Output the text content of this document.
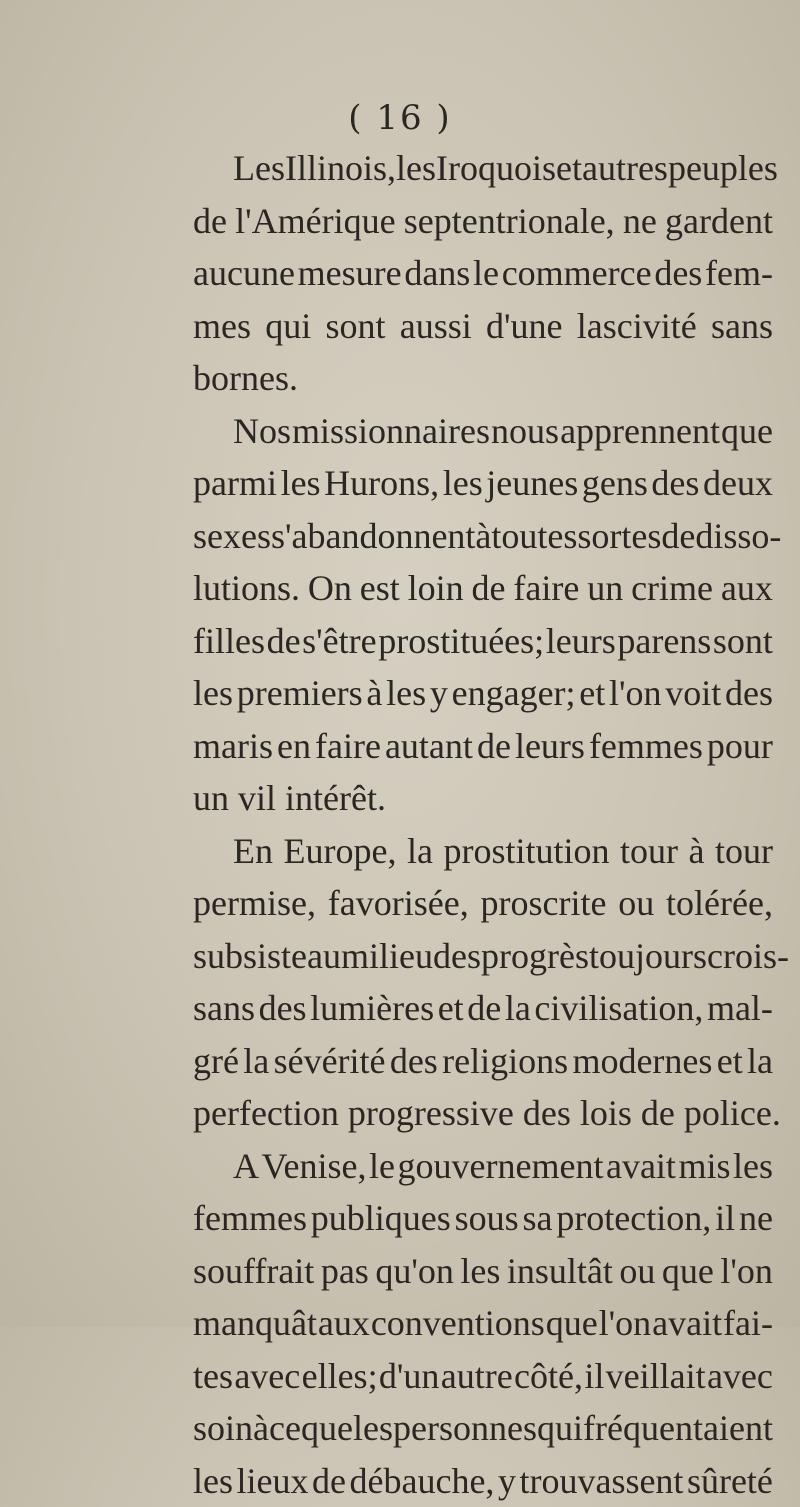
( 16 )
Les Illinois, les Iroquois et autres peuples
de l'Amérique septentrionale, ne gardent
aucune mesure dans le commerce des fem-
mes qui sont aussi d'une lascivité sans
bornes.
Nos missionnaires nous apprennent que
parmi les Hurons, les jeunes gens des deux
sexes s'abandonnent à toutes sortes de disso-
lutions. On est loin de faire un crime aux
filles de s'être prostituées; leurs parens sont
les premiers à les y engager; et l'on voit des
maris en faire autant de leurs femmes pour
un vil intérêt.
En Europe, la prostitution tour à tour
permise, favorisée, proscrite ou tolérée,
subsiste au milieu des progrès toujours crois-
sans des lumières et de la civilisation, mal-
gré la sévérité des religions modernes et la
perfection progressive des lois de police.
A Venise, le gouvernement avait mis les
femmes publiques sous sa protection, il ne
souffrait pas qu'on les insultât ou que l'on
manquât aux conventions que l'on avait fai-
tes avec elles; d'un autre côté, il veillait avec
soin à ce que les personnes qui fréquentaient
les lieux de débauche, y trouvassent sûreté
